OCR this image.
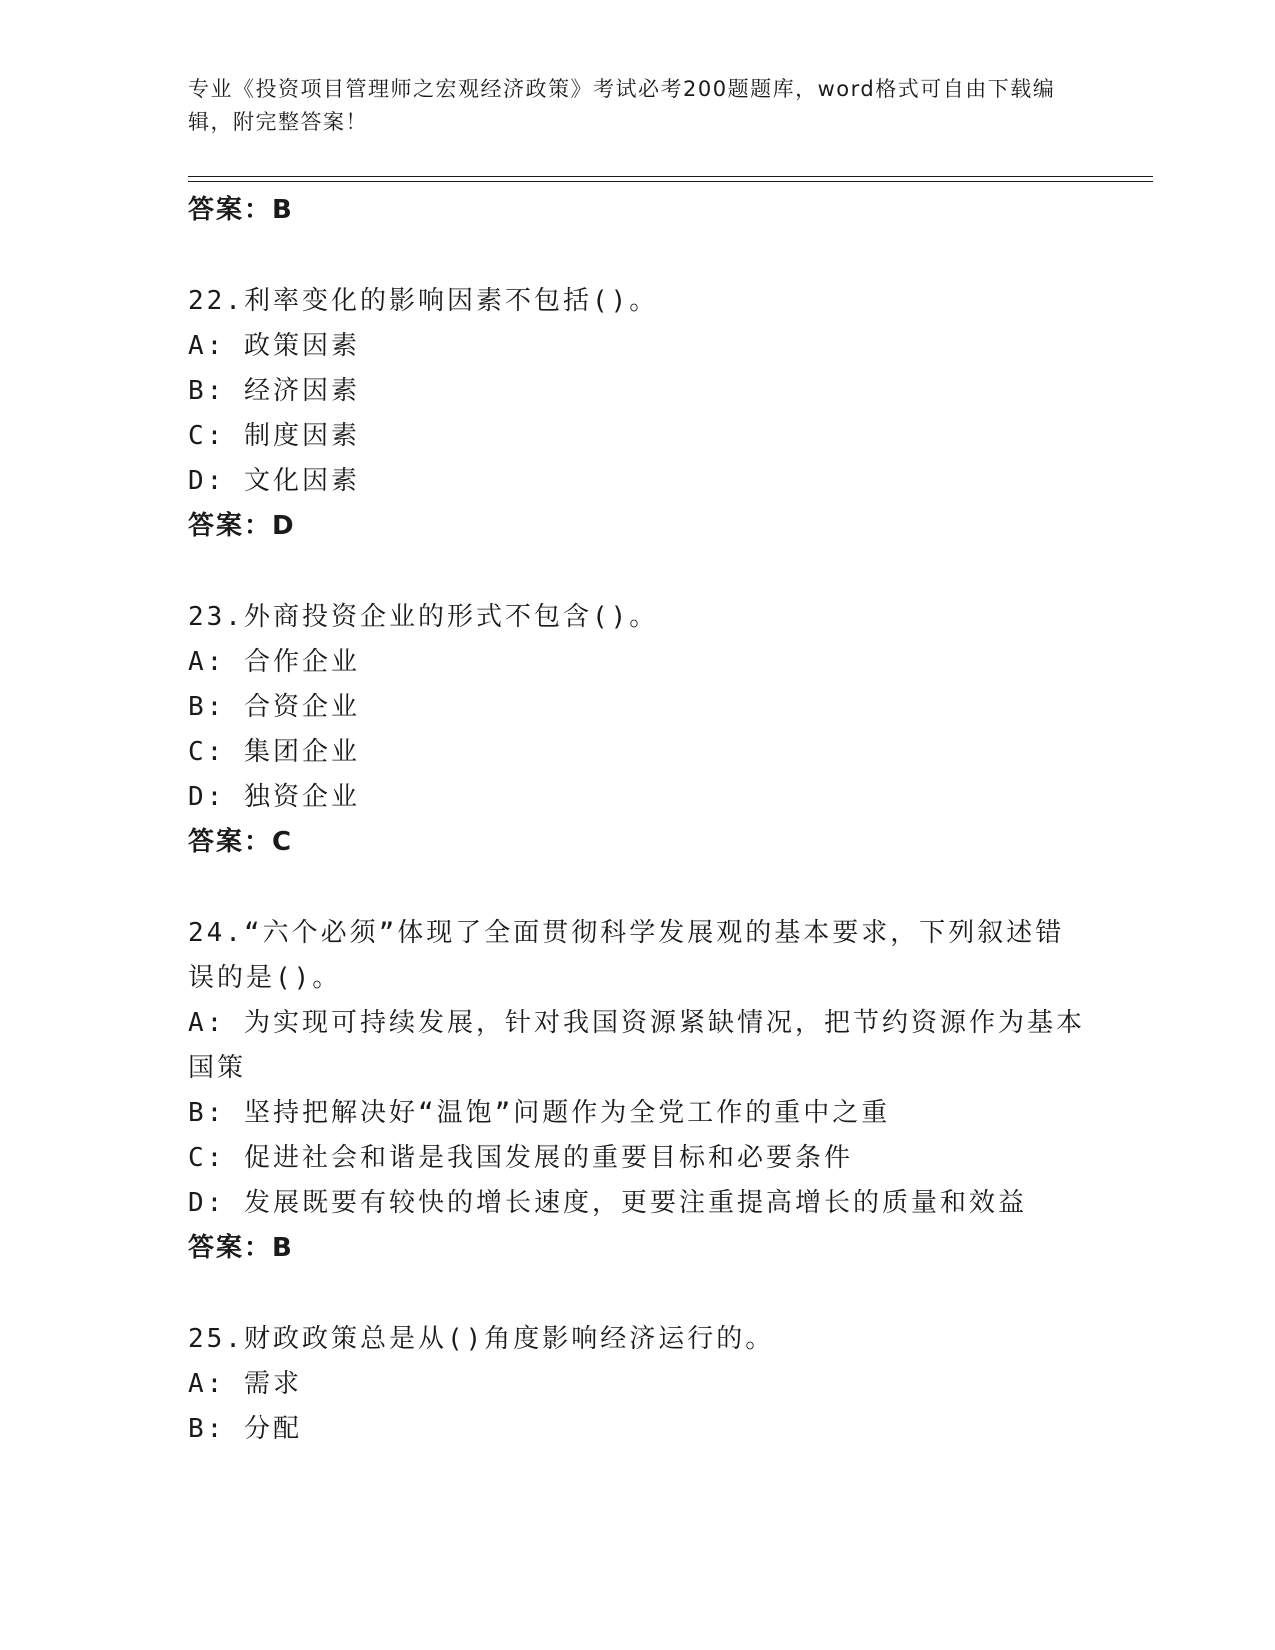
专业《投资项目管理师之宏观经济政策》考试必考200题题库，word格式可自由下载编辑，附完整答案！
答案：B
22.利率变化的影响因素不包括()。
A: 政策因素
B: 经济因素
C: 制度因素
D: 文化因素
答案：D
23.外商投资企业的形式不包含()。
A: 合作企业
B: 合资企业
C: 集团企业
D: 独资企业
答案：C
24.“六个必须”体现了全面贯彻科学发展观的基本要求，下列叙述错误的是()。
A: 为实现可持续发展，针对我国资源紧缺情况，把节约资源作为基本国策
B: 坚持把解决好“温饱”问题作为全党工作的重中之重
C: 促进社会和谐是我国发展的重要目标和必要条件
D: 发展既要有较快的增长速度，更要注重提高增长的质量和效益
答案：B
25.财政政策总是从()角度影响经济运行的。
A: 需求
B: 分配
